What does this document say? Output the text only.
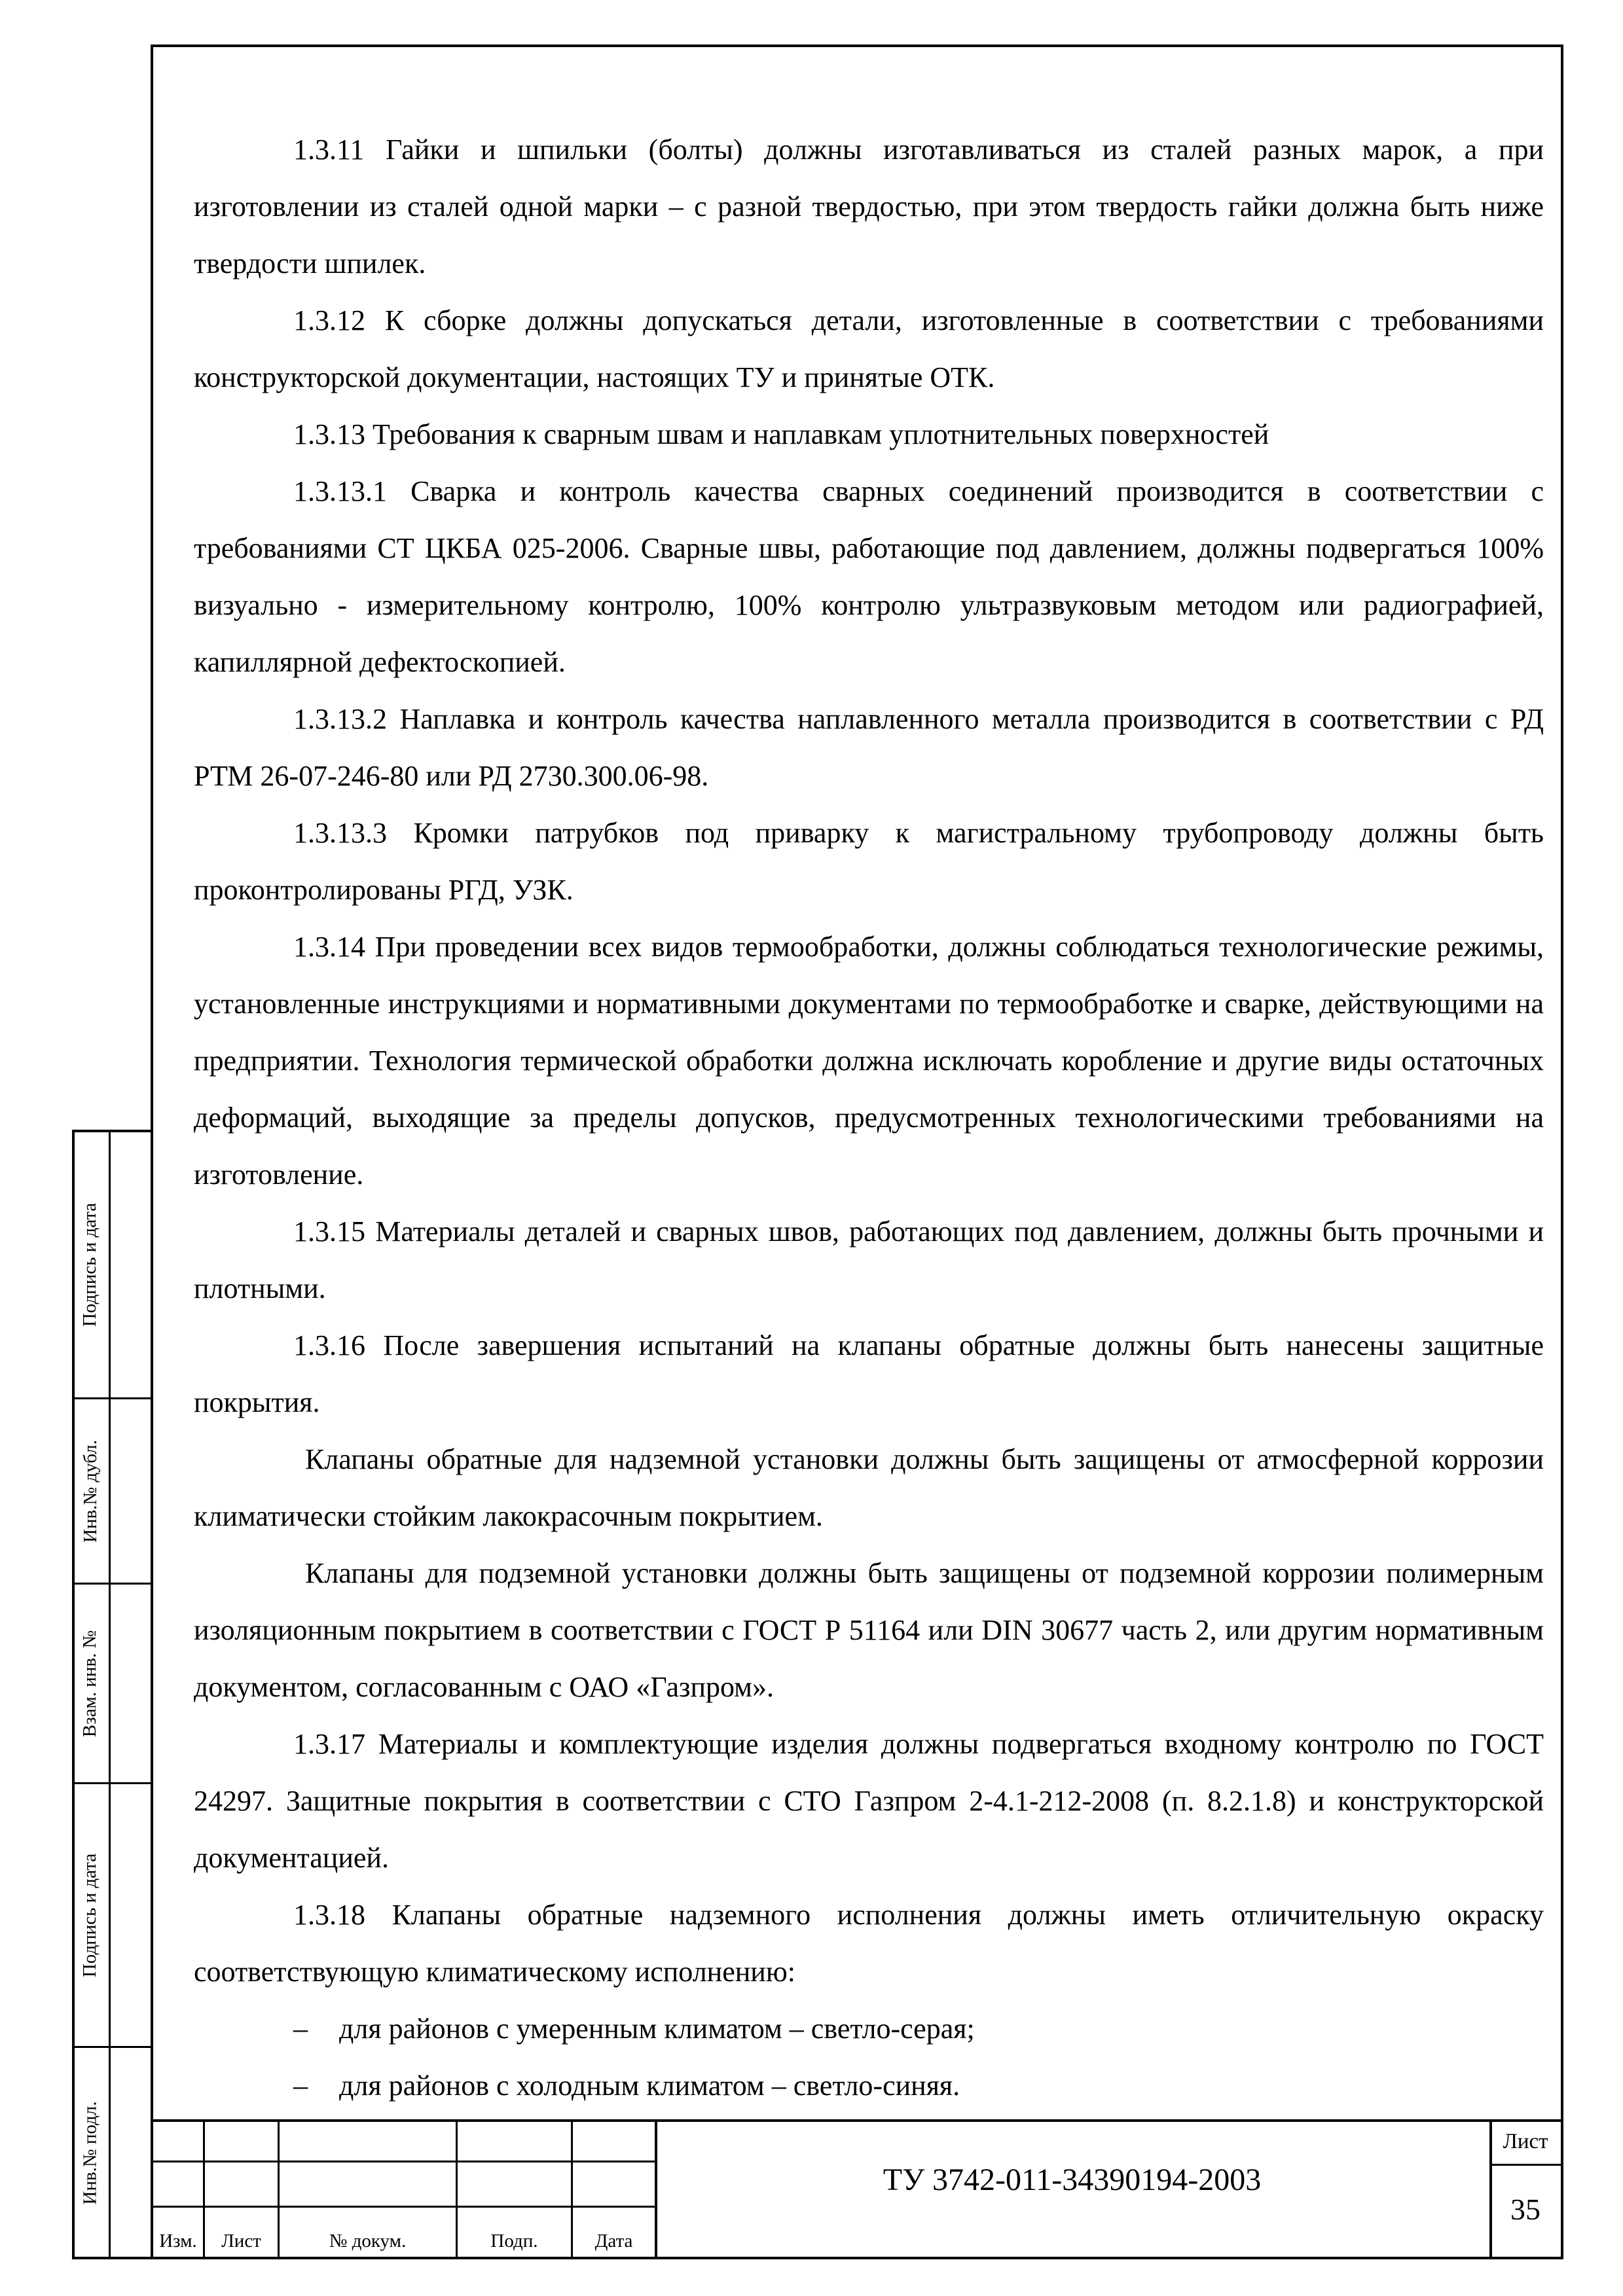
1.3.11 Гайки и шпильки (болты) должны изготавливаться из сталей разных марок, а при изготовлении из сталей одной марки – с разной твердостью, при этом твердость гайки должна быть ниже твердости шпилек.

1.3.12 К сборке должны допускаться детали, изготовленные в соответствии с требованиями конструкторской документации, настоящих ТУ и принятые ОТК.

1.3.13 Требования к сварным швам и наплавкам уплотнительных поверхностей

1.3.13.1 Сварка и контроль качества сварных соединений производится в соответствии с требованиями СТ ЦКБА 025-2006. Сварные швы, работающие под давлением, должны подвергаться 100% визуально - измерительному контролю, 100% контролю ультразвуковым методом или радиографией, капиллярной дефектоскопией.

1.3.13.2 Наплавка и контроль качества наплавленного металла производится в соответствии с РД РТМ 26-07-246-80 или РД 2730.300.06-98.

1.3.13.3 Кромки патрубков под приварку к магистральному трубопроводу должны быть проконтролированы РГД, УЗК.

1.3.14 При проведении всех видов термообработки, должны соблюдаться технологические режимы, установленные инструкциями и нормативными документами по термообработке и сварке, действующими на предприятии. Технология термической обработки должна исключать коробление и другие виды остаточных деформаций, выходящие за пределы допусков, предусмотренных технологическими требованиями на изготовление.

1.3.15 Материалы деталей и сварных швов, работающих под давлением, должны быть прочными и плотными.

1.3.16 После завершения испытаний на клапаны обратные должны быть нанесены защитные покрытия.

Клапаны обратные для надземной установки должны быть защищены от атмосферной коррозии климатически стойким лакокрасочным покрытием.

Клапаны для подземной установки должны быть защищены от подземной коррозии полимерным изоляционным покрытием в соответствии с ГОСТ Р 51164 или DIN 30677 часть 2, или другим нормативным документом, согласованным с ОАО «Газпром».

1.3.17 Материалы и комплектующие изделия должны подвергаться входному контролю по ГОСТ 24297. Защитные покрытия в соответствии с СТО Газпром 2-4.1-212-2008 (п. 8.2.1.8) и конструкторской документацией.

1.3.18 Клапаны обратные надземного исполнения должны иметь отличительную окраску соответствующую климатическому исполнению:

– для районов с умеренным климатом – светло-серая;

– для районов с холодным климатом – светло-синяя.

Подпись и дата
Инв.№ дубл.
Взам. инв. №
Подпись и дата
Инв.№ подл.
Изм.	Лист	№ докум.	Подп.	Дата
ТУ 3742-011-34390194-2003
Лист
35
